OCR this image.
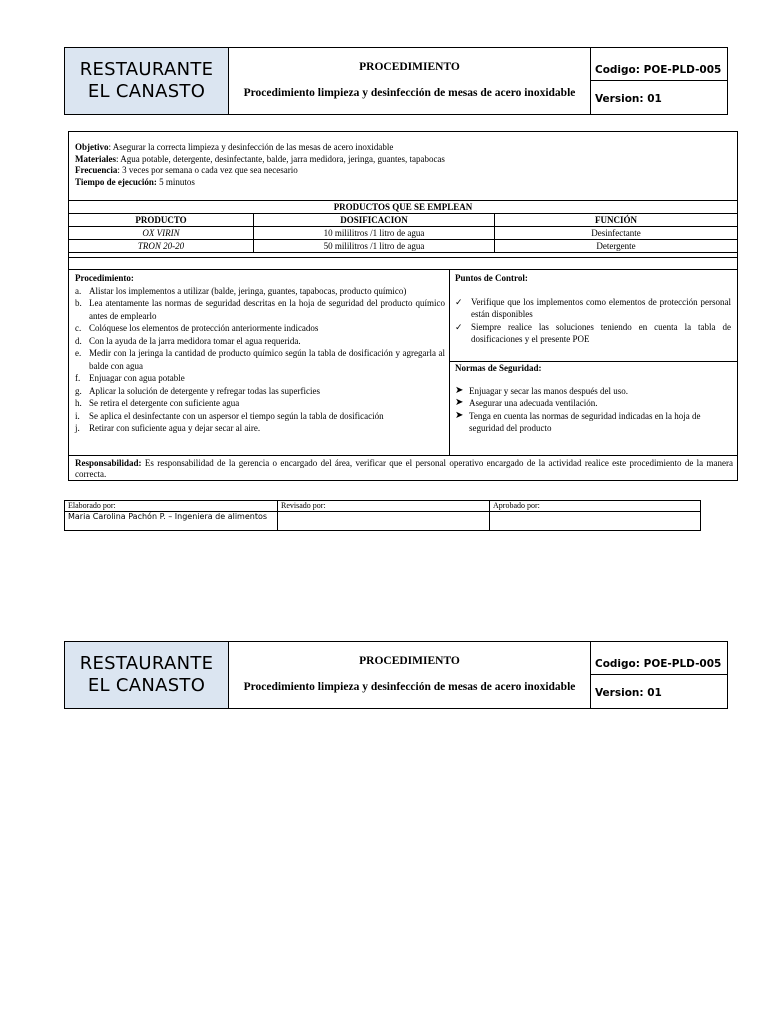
RESTAURANTE
EL CANASTO
PROCEDIMIENTO
Procedimiento limpieza y desinfección de mesas de acero inoxidable
Codigo: POE-PLD-005
Version: 01
Objetivo: Asegurar la correcta limpieza y desinfección de las mesas de acero inoxidable
Materiales: Agua potable, detergente, desinfectante, balde, jarra medidora, jeringa, guantes, tapabocas
Frecuencia: 3 veces por semana o cada vez que sea necesario
Tiempo de ejecución: 5 minutos
PRODUCTOS QUE SE EMPLEAN		
PRODUCTO	DOSIFICACION	FUNCIÓN
OX VIRIN	10 mililitros /1 litro de agua	Desinfectante
TRON 20-20	50 mililitros /1 litro de agua	Detergente
Procedimiento:
a. Alistar los implementos a utilizar (balde, jeringa, guantes, tapabocas, producto químico)
b. Lea atentamente las normas de seguridad descritas en la hoja de seguridad del producto químico antes de emplearlo
c. Colóquese los elementos de protección anteriormente indicados
d. Con la ayuda de la jarra medidora tomar el agua requerida.
e. Medir con la jeringa la cantidad de producto químico según la tabla de dosificación y agregarla al balde con agua
f. Enjuagar con agua potable
g. Aplicar la solución de detergente y refregar todas las superficies
h. Se retira el detergente con suficiente agua
i.	Se aplica el desinfectante con un aspersor el tiempo según la tabla de dosificación
j.	Retirar con suficiente agua y dejar secar al aire.
Puntos de Control:
✓ Verifique que los implementos como elementos de protección personal están disponibles
✓ Siempre realice las soluciones teniendo en cuenta la tabla de dosificaciones y el presente POE
Normas de Seguridad:
➤ Enjuagar y secar las manos después del uso.
➤ Asegurar una adecuada ventilación.
➤ Tenga en cuenta las normas de seguridad indicadas en la hoja de seguridad del producto
Responsabilidad: Es responsabilidad de la gerencia o encargado del área, verificar que el personal operativo encargado de la actividad realice este procedimiento de la manera correcta.
Elaborado por:
Maria Carolina Pachón P. – Ingeniera de alimentos
Revisado por:	Aprobado por:
RESTAURANTE
EL CANASTO
PROCEDIMIENTO
Procedimiento limpieza y desinfección de mesas de acero inoxidable
Codigo: POE-PLD-005
Version: 01
